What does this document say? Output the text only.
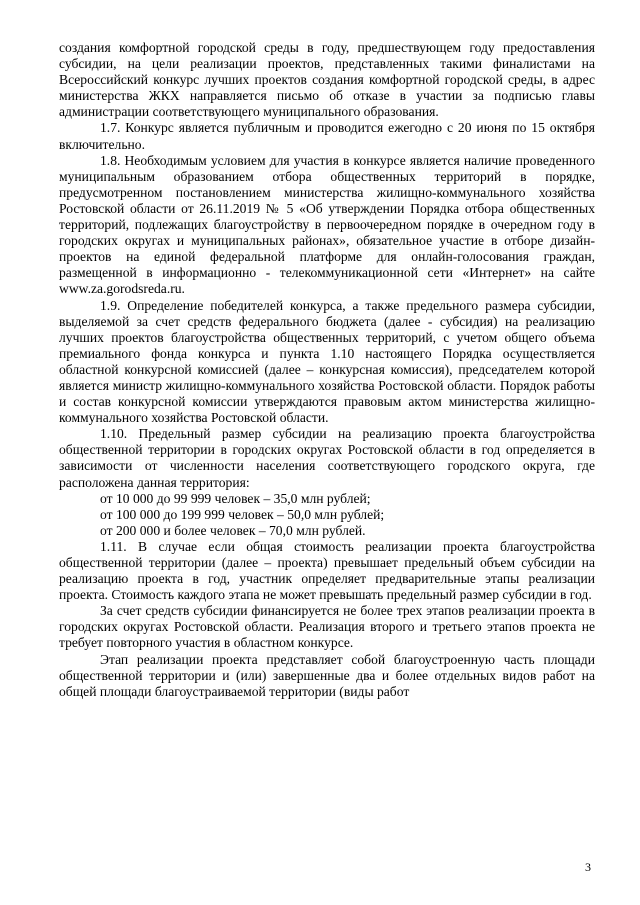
создания комфортной городской среды в году, предшествующем году предоставления субсидии, на цели реализации проектов, представленных такими финалистами на Всероссийский конкурс лучших проектов создания комфортной городской среды, в адрес министерства ЖКХ направляется письмо об отказе в участии за подписью главы администрации соответствующего муниципального образования.

1.7. Конкурс является публичным и проводится ежегодно с 20 июня по 15 октября включительно.

1.8. Необходимым условием для участия в конкурсе является наличие проведенного муниципальным образованием отбора общественных территорий в порядке, предусмотренном постановлением министерства жилищно-коммунального хозяйства Ростовской области от 26.11.2019 № 5 «Об утверждении Порядка отбора общественных территорий, подлежащих благоустройству в первоочередном порядке в очередном году в городских округах и муниципальных районах», обязательное участие в отборе дизайн-проектов на единой федеральной платформе для онлайн-голосования граждан, размещенной в информационно - телекоммуникационной сети «Интернет» на сайте www.za.gorodsreda.ru.

1.9. Определение победителей конкурса, а также предельного размера субсидии, выделяемой за счет средств федерального бюджета (далее - субсидия) на реализацию лучших проектов благоустройства общественных территорий, с учетом общего объема премиального фонда конкурса и пункта 1.10 настоящего Порядка осуществляется областной конкурсной комиссией (далее – конкурсная комиссия), председателем которой является министр жилищно-коммунального хозяйства Ростовской области. Порядок работы и состав конкурсной комиссии утверждаются правовым актом министерства жилищно-коммунального хозяйства Ростовской области.

1.10. Предельный размер субсидии на реализацию проекта благоустройства общественной территории в городских округах Ростовской области в год определяется в зависимости от численности населения соответствующего городского округа, где расположена данная территория:

от 10 000 до 99 999 человек – 35,0 млн рублей;

от 100 000 до 199 999 человек – 50,0 млн рублей;

от 200 000 и более человек – 70,0 млн рублей.

1.11. В случае если общая стоимость реализации проекта благоустройства общественной территории (далее – проекта) превышает предельный объем субсидии на реализацию проекта в год, участник определяет предварительные этапы реализации проекта. Стоимость каждого этапа не может превышать предельный размер субсидии в год.

За счет средств субсидии финансируется не более трех этапов реализации проекта в городских округах Ростовской области. Реализация второго и третьего этапов проекта не требует повторного участия в областном конкурсе.

Этап реализации проекта представляет собой благоустроенную часть площади общественной территории и (или) завершенные два и более отдельных видов работ на общей площади благоустраиваемой территории (виды работ

3
